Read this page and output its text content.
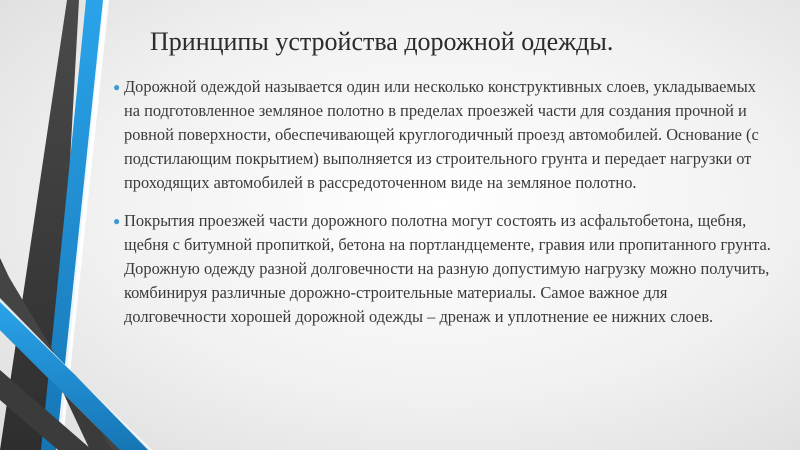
Принципы устройства дорожной одежды.
● Дорожной одеждой называется один или несколько конструктивных слоев, укладываемых на подготовленное земляное полотно в пределах проезжей части для создания прочной и ровной поверхности, обеспечивающей круглогодичный проезд автомобилей. Основание (с подстилающим покрытием) выполняется из строительного грунта и передает нагрузки от проходящих автомобилей в рассредоточенном виде на земляное полотно.
● Покрытия проезжей части дорожного полотна могут состоять из асфальтобетона, щебня, щебня с битумной пропиткой, бетона на портландцементе, гравия или пропитанного грунта. Дорожную одежду разной долговечности на разную допустимую нагрузку можно получить, комбинируя различные дорожно-строительные материалы. Самое важное для долговечности хорошей дорожной одежды – дренаж и уплотнение ее нижних слоев.
